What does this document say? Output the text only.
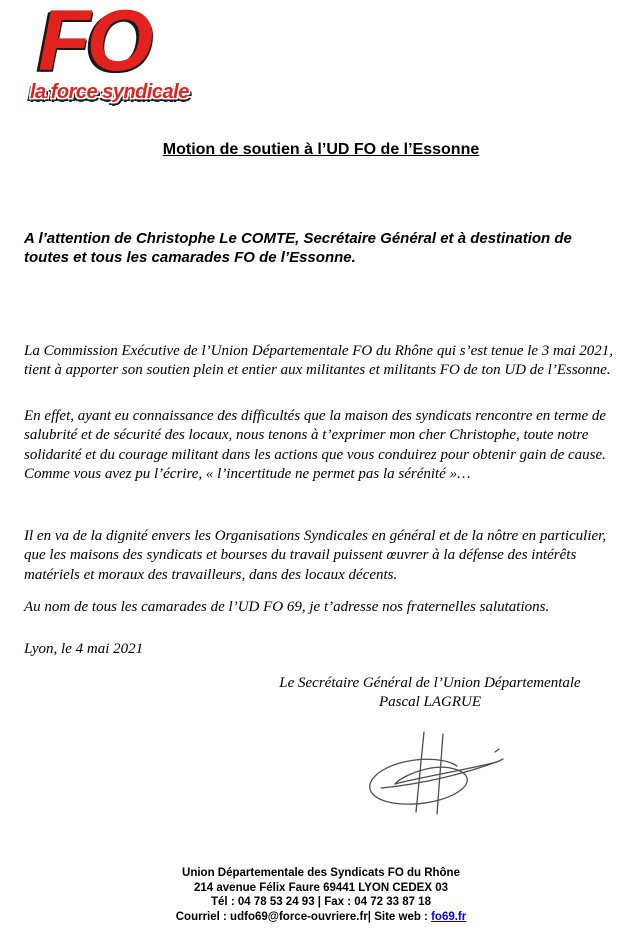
FO
la force syndicale
Motion de soutien à l’UD FO de l’Essonne
A l’attention de Christophe Le COMTE, Secrétaire Général et à destination de toutes et tous les camarades FO de l’Essonne.
La Commission Exécutive de l’Union Départementale FO du Rhône qui s’est tenue le 3 mai 2021, tient à apporter son soutien plein et entier aux militantes et militants FO de ton UD de l’Essonne.
En effet, ayant eu connaissance des difficultés que la maison des syndicats rencontre en terme de salubrité et de sécurité des locaux, nous tenons à t’exprimer mon cher Christophe, toute notre solidarité et du courage militant dans les actions que vous conduirez pour obtenir gain de cause.
Comme vous avez pu l’écrire, « l’incertitude ne permet pas la sérénité »…
Il en va de la dignité envers les Organisations Syndicales en général et de la nôtre en particulier, que les maisons des syndicats et bourses du travail puissent œuvrer à la défense des intérêts matériels et moraux des travailleurs, dans des locaux décents.
Au nom de tous les camarades de l’UD FO 69, je t’adresse nos fraternelles salutations.
Lyon, le 4 mai 2021
Le Secrétaire Général de l’Union Départementale
Pascal LAGRUE
Union Départementale des Syndicats FO du Rhône
214 avenue Félix Faure 69441 LYON CEDEX 03
Tél : 04 78 53 24 93 | Fax : 04 72 33 87 18
Courriel : udfo69@force-ouvriere.fr| Site web : fo69.fr
